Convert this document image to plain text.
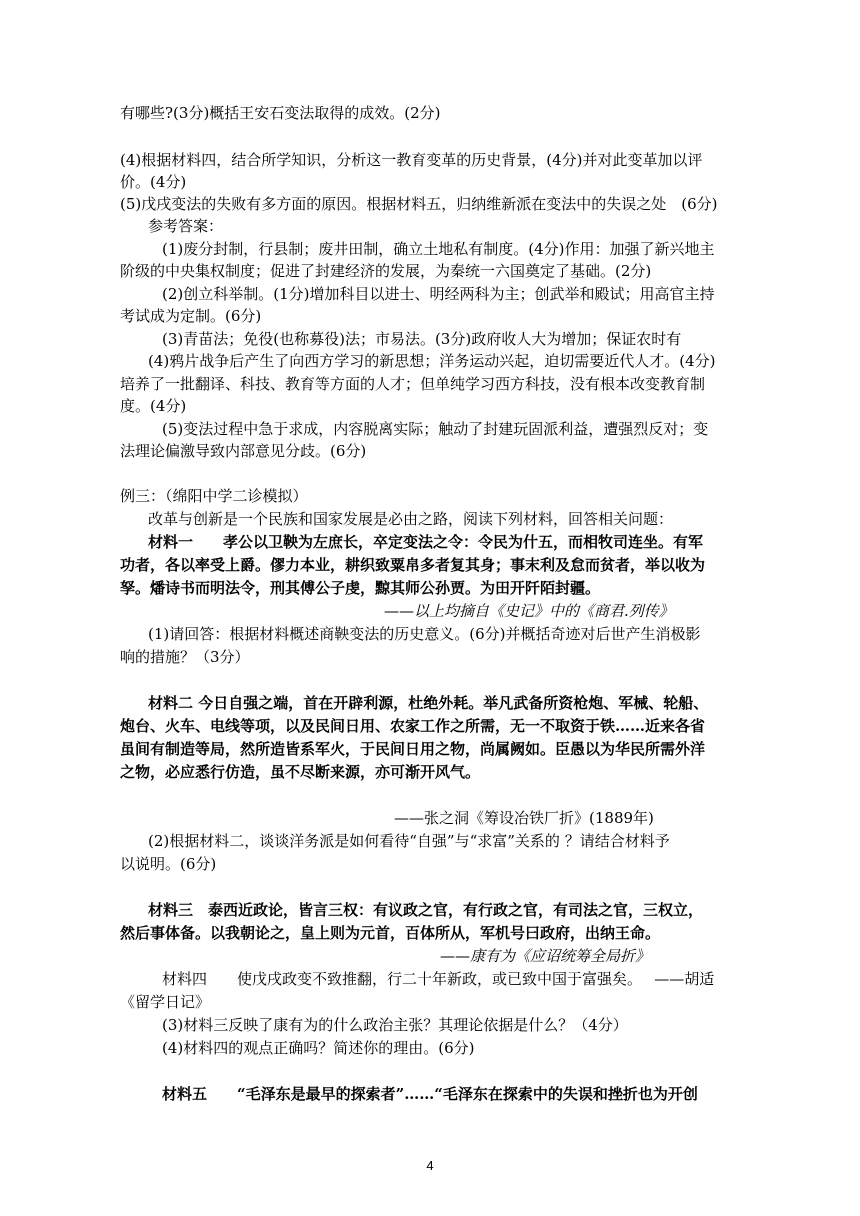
有哪些?(3分)概括王安石变法取得的成效。(2分)
(4)根据材料四，结合所学知识，分析这一教育变革的历史背景，(4分)并对此变革加以评
价。(4分)
(5)戊戌变法的失败有多方面的原因。根据材料五，归纳维新派在变法中的失误之处　(6分)
参考答案：
(1)废分封制，行县制；废井田制，确立土地私有制度。(4分)作用：加强了新兴地主
阶级的中央集权制度；促进了封建经济的发展，为秦统一六国奠定了基础。(2分)
(2)创立科举制。(1分)增加科目以进士、明经两科为主；创武举和殿试；用高官主持
考试成为定制。(6分)
(3)青苗法；免役(也称募役)法；市易法。(3分)政府收人大为增加；保证农时有
(4)鸦片战争后产生了向西方学习的新思想；洋务运动兴起，迫切需要近代人才。(4分)
培养了一批翻译、科技、教育等方面的人才；但单纯学习西方科技，没有根本改变教育制
度。(4分)
(5)变法过程中急于求成，内容脱离实际；触动了封建玩固派利益，遭强烈反对；变
法理论偏激导致内部意见分歧。(6分)
例三：（绵阳中学二诊模拟）
改革与创新是一个民族和国家发展是必由之路，阅读下列材料，回答相关问题：
材料一　　孝公以卫鞅为左庶长，卒定变法之令：令民为什五，而相牧司连坐。有军
功者，各以率受上爵。僇力本业，耕织致粟帛多者复其身；事末利及怠而贫者，举以收为
孥。燔诗书而明法令，刑其傅公子虔，黥其师公孙贾。为田开阡陌封疆。
——以上均摘自《史记》中的《商君.列传》
(1)请回答：根据材料概述商鞅变法的历史意义。(6分)并概括奇迹对后世产生消极影
响的措施？（3分）
材料二 今日自强之端，首在开辟利源，杜绝外耗。举凡武备所资枪炮、军械、轮船、
炮台、火车、电线等项，以及民间日用、农家工作之所需，无一不取资于铁……近来各省
虽间有制造等局，然所造皆系军火，于民间日用之物，尚属阙如。臣愚以为华民所需外洋
之物，必应悉行仿造，虽不尽断来源，亦可渐开风气。
——张之洞《筹设冶铁厂折》(1889年)
(2)根据材料二，谈谈洋务派是如何看待“自强”与“求富”关系的 ？请结合材料予
以说明。(6分)
材料三　泰西近政论，皆言三权：有议政之官，有行政之官，有司法之官，三权立，
然后事体备。以我朝论之，皇上则为元首，百体所从，军机号曰政府，出纳王命。
——康有为《应诏统筹全局折》
材料四　　使戊戌政变不致推翻，行二十年新政，或已致中国于富强矣。　 ——胡适
《留学日记》
(3)材料三反映了康有为的什么政治主张？其理论依据是什么？（4分）
(4)材料四的观点正确吗？简述你的理由。(6分)
材料五　　“毛泽东是最早的探索者”……“毛泽东在探索中的失误和挫折也为开创
4
